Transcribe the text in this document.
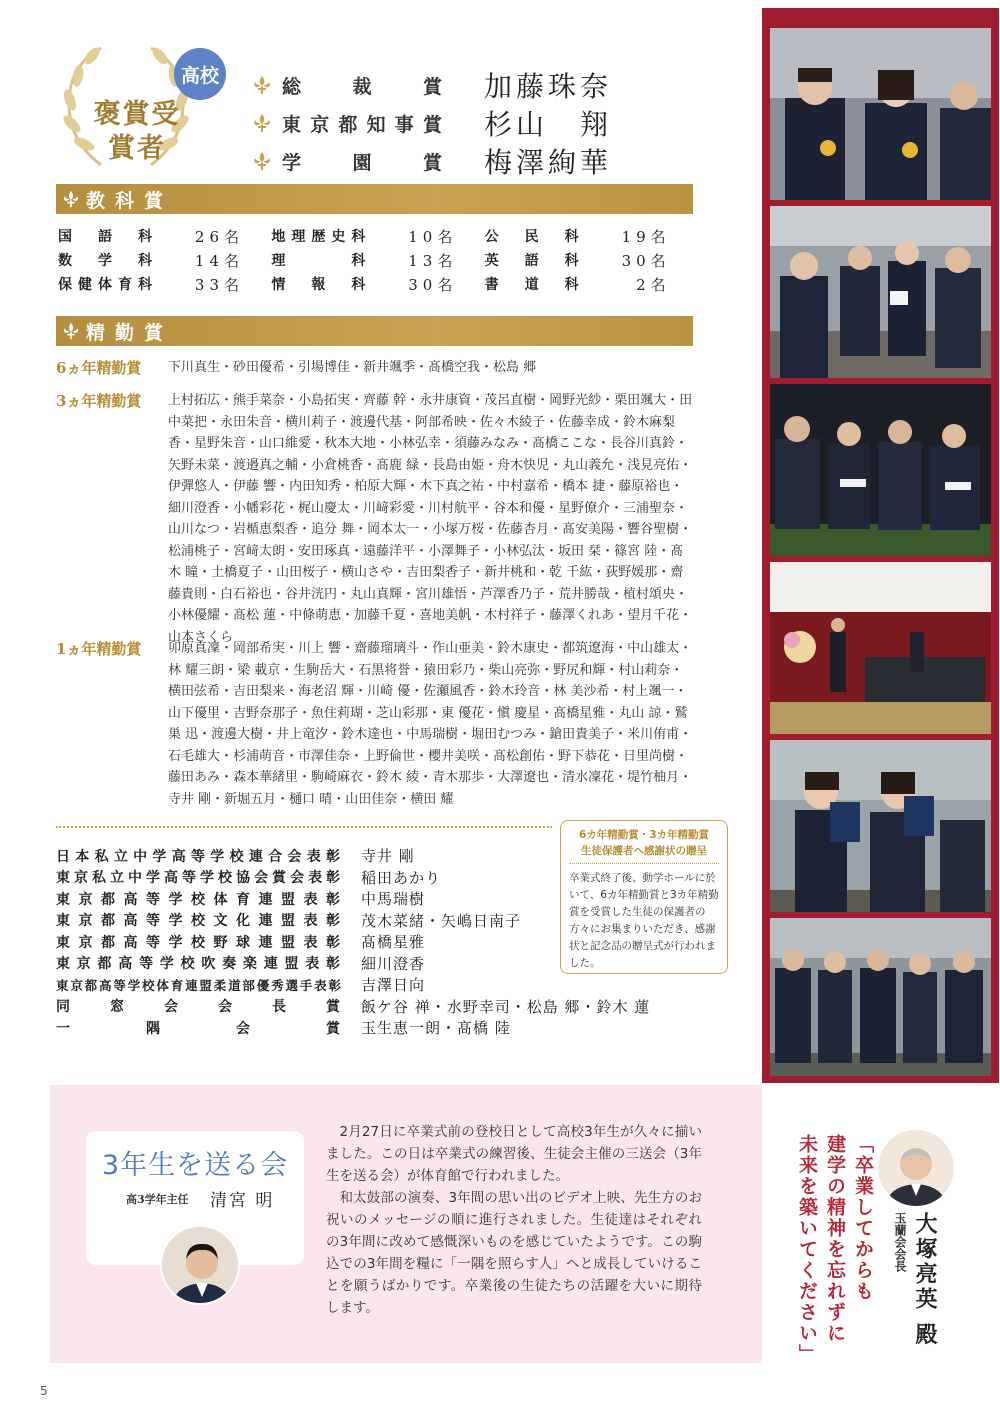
褒賞受賞者
高校	総裁賞 加藤珠奈
東京都知事賞 杉山　翔
学園賞 梅澤絢華
教科賞
国語科	26名 地理歴史科	10名 公民科	19名
数学科	14名 理科	13名 英語科	30名
保健体育科	33名 情報科	30名 書道科	2名
精勤賞
6ヵ年精勤賞	下川真生・砂田優希・引場博佳・新井颯季・髙橋空我・松島 郷
3ヵ年精勤賞	上村拓広・熊手菜奈・小島拓実・齊藤 幹・永井康資・茂呂直樹・岡野光紗・栗田颯大・田中菜把・永田朱音・横川莉子・渡邊代基・阿部希映・佐々木綾子・佐藤幸成・鈴木麻梨香・星野朱音・山口維愛・秋本大地・小林弘幸・須藤みなみ・髙橋ここな・長谷川真鈴・矢野未菜・渡邉真之輔・小倉桃香・髙鹿 緑・長島由姫・舟木快児・丸山義允・浅見亮佑・伊彈悠人・伊藤 響・内田知秀・柏原大輝・木下真之祐・中村嘉希・橋本 捷・藤原裕也・細川澄香・小幡彩花・梶山慶太・川﨑彩愛・川村航平・谷本和優・星野僚介・三浦聖奈・山川なつ・岩楯恵梨香・追分 舞・岡本太一・小塚万桜・佐藤杏月・髙安美陽・響谷聖樹・松浦桃子・宮﨑太朗・安田琢真・遠藤洋平・小澤舞子・小林弘汰・坂田 栞・篠宮 陸・髙木 瞳・土橋夏子・山田桜子・横山さや・吉田梨香子・新井桃和・乾 千紘・荻野媛那・齋藤貴則・白石裕也・谷井洸円・丸山真輝・宮川雄悟・芦澤香乃子・荒井勝哉・植村頌央・小林優耀・髙松 蓮・中條萌恵・加藤千夏・喜地美帆・木村祥子・藤澤くれあ・望月千花・山本さくら
1ヵ年精勤賞	卯原真凜・岡部希実・川上 響・齋藤瑠璃斗・作山亜美・鈴木康史・都筑遼海・中山雄太・林 耀三朗・梁 載京・生駒岳大・石黒将誉・猿田彩乃・柴山亮弥・野尻和輝・村山莉奈・横田弦希・吉田梨来・海老沼 輝・川崎 優・佐瀬風香・鈴木玲音・林 美沙希・村上颯一・山下優里・吉野奈那子・魚住莉瑚・芝山彩那・東 優花・愼 慶星・髙橋星雅・丸山 諒・鷲巣 迅・渡邊大樹・井上竜汐・鈴木達也・中馬瑞樹・堀田むつみ・鎗田貴美子・米川侑甫・石毛雄大・杉浦萌音・市澤佳奈・上野倫世・櫻井美咲・髙松創佑・野下恭花・日里尚樹・藤田あみ・森本華緒里・駒崎麻衣・鈴木 綾・青木那歩・大澤遼也・清水凜花・堤竹柚月・寺井 剛・新堀五月・樋口 晴・山田佳奈・横田 耀
日本私立中学高等学校連合会表彰 寺井 剛
東京私立中学高等学校協会賞会表彰 稲田あかり
東京都高等学校体育連盟表彰 中馬瑞樹
東京都高等学校文化連盟表彰 茂木菜緒・矢嶋日南子
東京都高等学校野球連盟表彰 髙橋星雅
東京都高等学校吹奏楽連盟表彰 細川澄香
東京都高等学校体育連盟柔道部優秀選手表彰 吉澤日向
同窓会会長賞 飯ケ谷 禅・水野幸司・松島 郷・鈴木 蓮
一隅会賞 玉生恵一朗・髙橋 陸
6カ年精勤賞・3カ年精勤賞
生徒保護者へ感謝状の贈呈
卒業式終了後、動学ホールに於いて、6カ年精勤賞と3カ年精勤賞を受賞した生徒の保護者の方々にお集まりいただき、感謝状と記念品の贈呈式が行われました。
3年生を送る会
高3学年主任 清宮 明

2月27日に卒業式前の登校日として高校3年生が久々に揃いました。この日は卒業式の練習後、生徒会主催の三送会（3年生を送る会）が体育館で行われました。

和太鼓部の演奏、3年間の思い出のビデオ上映、先生方のお祝いのメッセージの順に進行されました。生徒達はそれぞれの3年間に改めて感慨深いものを感じていたようです。この駒込での3年間を糧に「一隅を照らす人」へと成長していけることを願うばかりです。卒業後の生徒たちの活躍を大いに期待します。	未来を築いてください」 建学の精神を忘れずに 「卒業してからも 玉蘭会会長 大塚亮英 殿
5
